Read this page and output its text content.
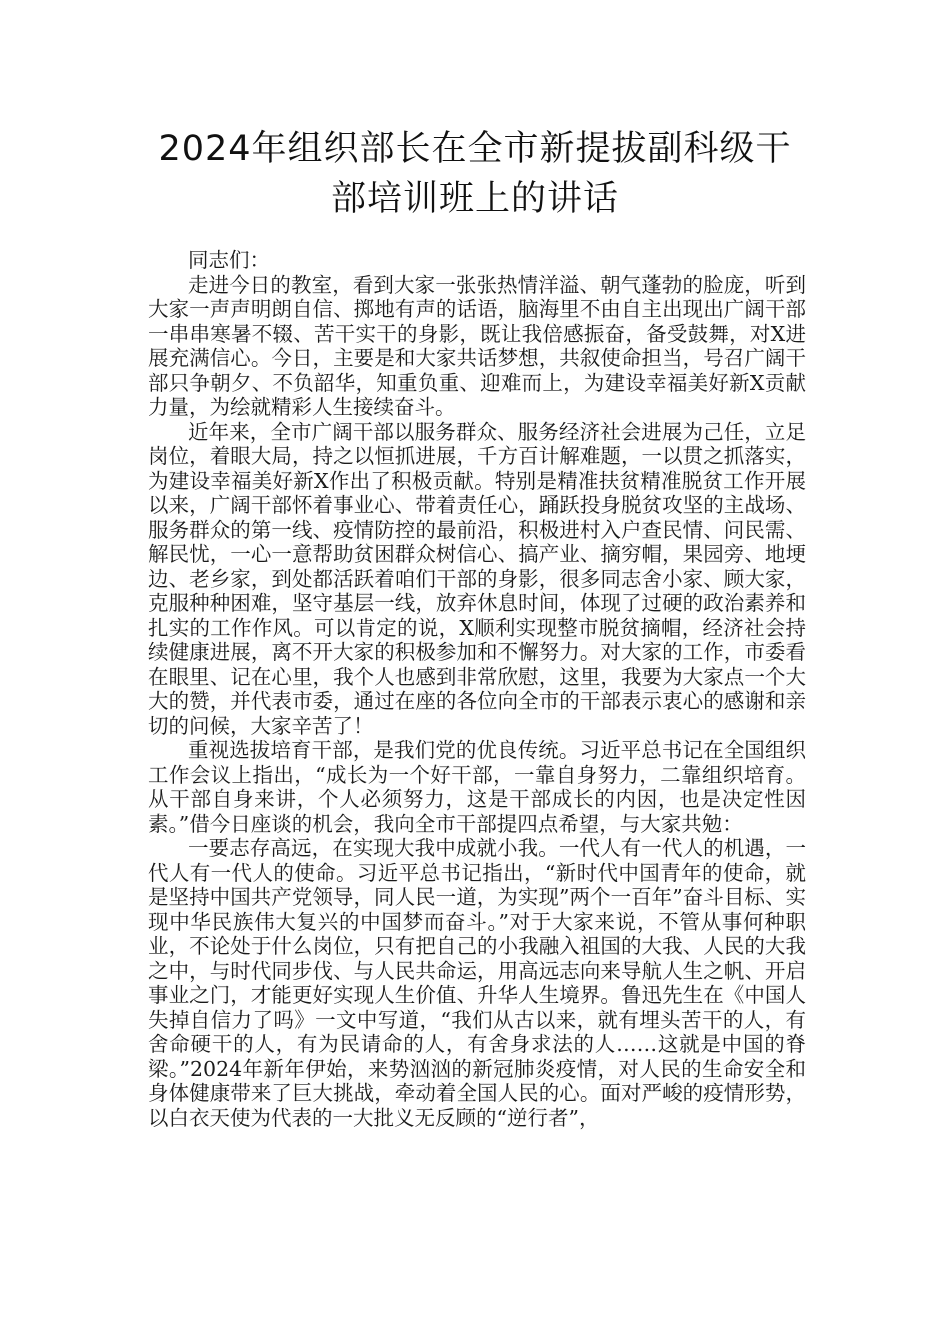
2024年组织部长在全市新提拔副科级干
部培训班上的讲话

同志们：

走进今日的教室，看到大家一张张热情洋溢、朝气蓬勃的脸庞，听到大家一声声明朗自信、掷地有声的话语，脑海里不由自主出现出广阔干部一串串寒暑不辍、苦干实干的身影，既让我倍感振奋，备受鼓舞，对X进展充满信心。今日，主要是和大家共话梦想，共叙使命担当，号召广阔干部只争朝夕、不负韶华，知重负重、迎难而上，为建设幸福美好新X贡献力量，为绘就精彩人生接续奋斗。

近年来，全市广阔干部以服务群众、服务经济社会进展为己任，立足岗位，着眼大局，持之以恒抓进展，千方百计解难题，一以贯之抓落实，为建设幸福美好新X作出了积极贡献。特别是精准扶贫精准脱贫工作开展以来，广阔干部怀着事业心、带着责任心，踊跃投身脱贫攻坚的主战场、服务群众的第一线、疫情防控的最前沿，积极进村入户查民情、问民需、解民忧，一心一意帮助贫困群众树信心、搞产业、摘穷帽，果园旁、地埂边、老乡家，到处都活跃着咱们干部的身影，很多同志舍小家、顾大家，克服种种困难，坚守基层一线，放弃休息时间，体现了过硬的政治素养和扎实的工作作风。可以肯定的说，X顺利实现整市脱贫摘帽，经济社会持续健康进展，离不开大家的积极参加和不懈努力。对大家的工作，市委看在眼里、记在心里，我个人也感到非常欣慰，这里，我要为大家点一个大大的赞，并代表市委，通过在座的各位向全市的干部表示衷心的感谢和亲切的问候，大家辛苦了！

重视选拔培育干部，是我们党的优良传统。习近平总书记在全国组织工作会议上指出，“成长为一个好干部，一靠自身努力，二靠组织培育。从干部自身来讲，个人必须努力，这是干部成长的内因，也是决定性因素。”借今日座谈的机会，我向全市干部提四点希望，与大家共勉：

一要志存高远，在实现大我中成就小我。一代人有一代人的机遇，一代人有一代人的使命。习近平总书记指出，“新时代中国青年的使命，就是坚持中国共产党领导，同人民一道，为实现”两个一百年”奋斗目标、实现中华民族伟大复兴的中国梦而奋斗。”对于大家来说，不管从事何种职业，不论处于什么岗位，只有把自己的小我融入祖国的大我、人民的大我之中，与时代同步伐、与人民共命运，用高远志向来导航人生之帆、开启事业之门，才能更好实现人生价值、升华人生境界。鲁迅先生在《中国人失掉自信力了吗》一文中写道，“我们从古以来，就有埋头苦干的人，有舍命硬干的人，有为民请命的人，有舍身求法的人……这就是中国的脊梁。”2024年新年伊始，来势汹汹的新冠肺炎疫情，对人民的生命安全和身体健康带来了巨大挑战，牵动着全国人民的心。面对严峻的疫情形势，以白衣天使为代表的一大批义无反顾的“逆行者”，
